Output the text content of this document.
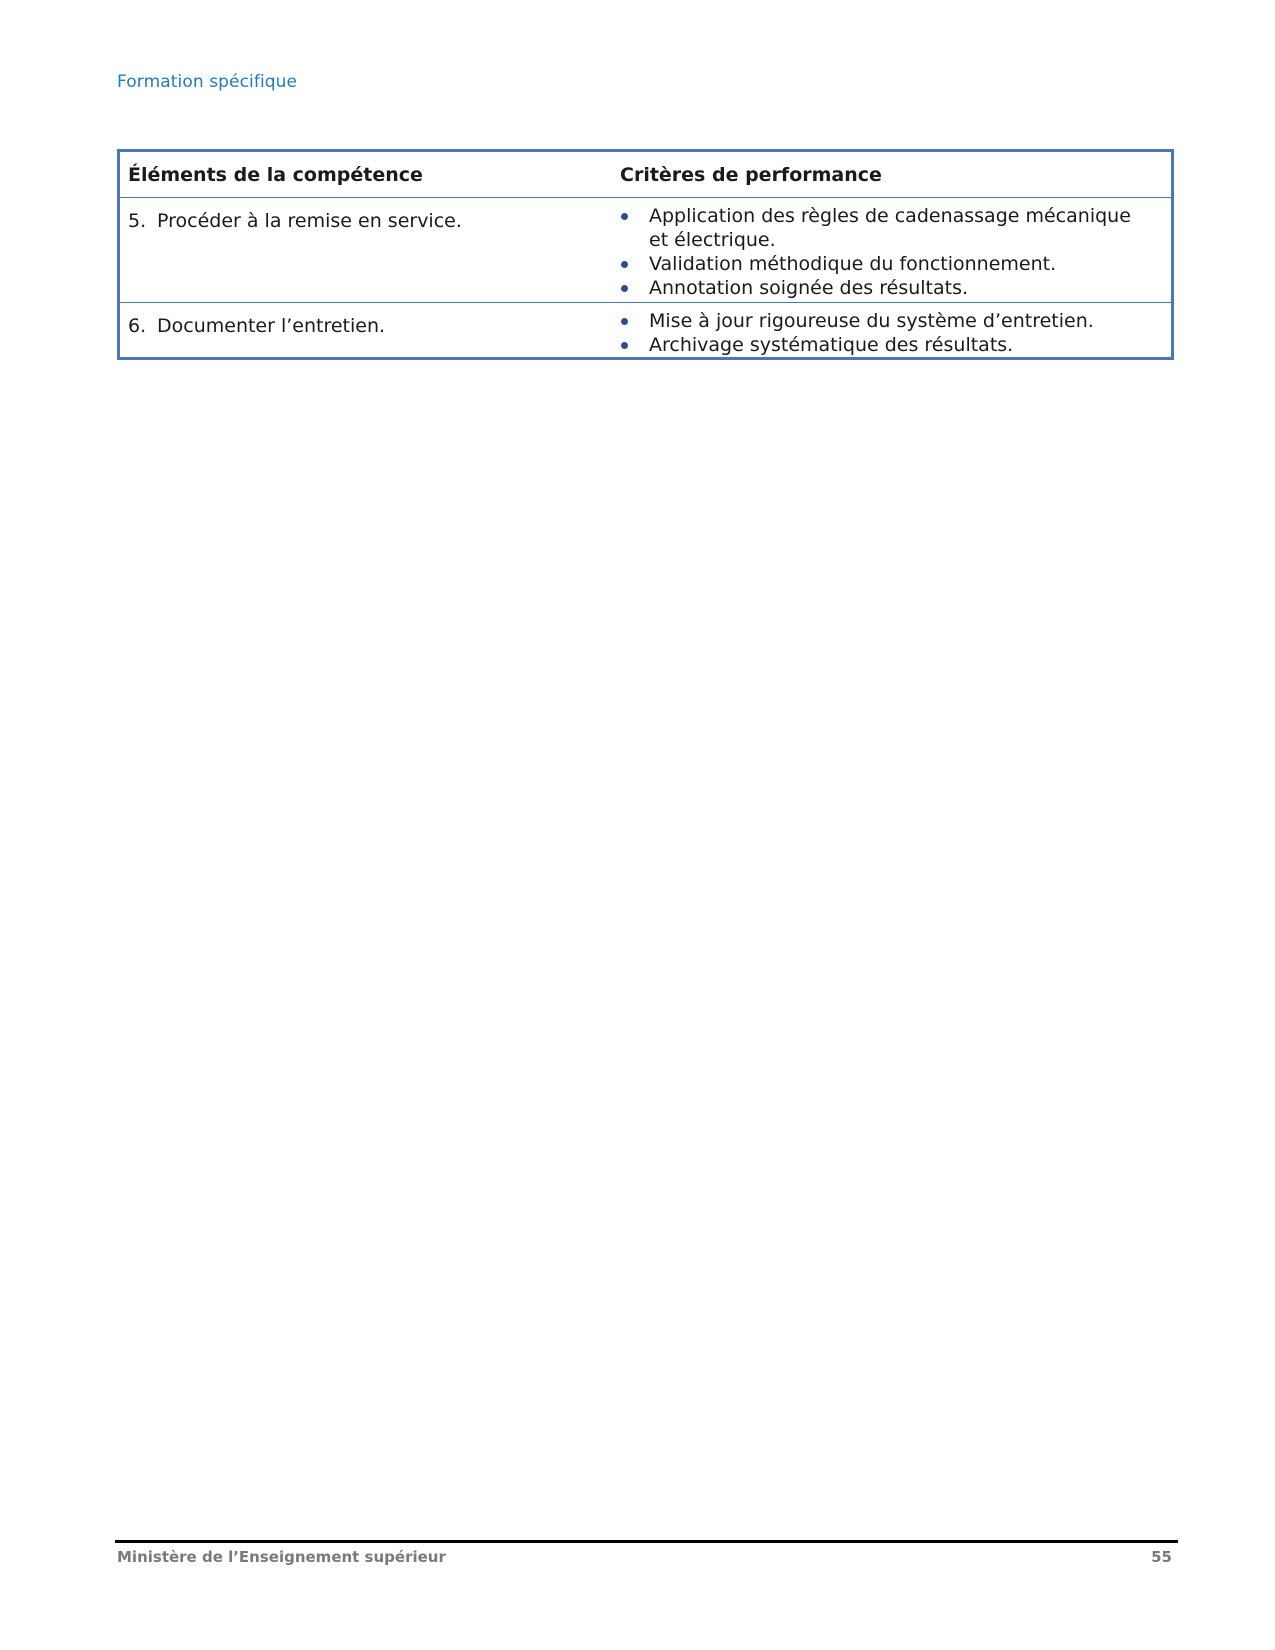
Formation spécifique
Éléments de la compétence	Critères de performance
5. Procéder à la remise en service.	Application des règles de cadenassage mécanique et électrique.
Validation méthodique du fonctionnement.
Annotation soignée des résultats.
6. Documenter l’entretien.	Mise à jour rigoureuse du système d’entretien.
Archivage systématique des résultats.
Ministère de l’Enseignement supérieur	55
